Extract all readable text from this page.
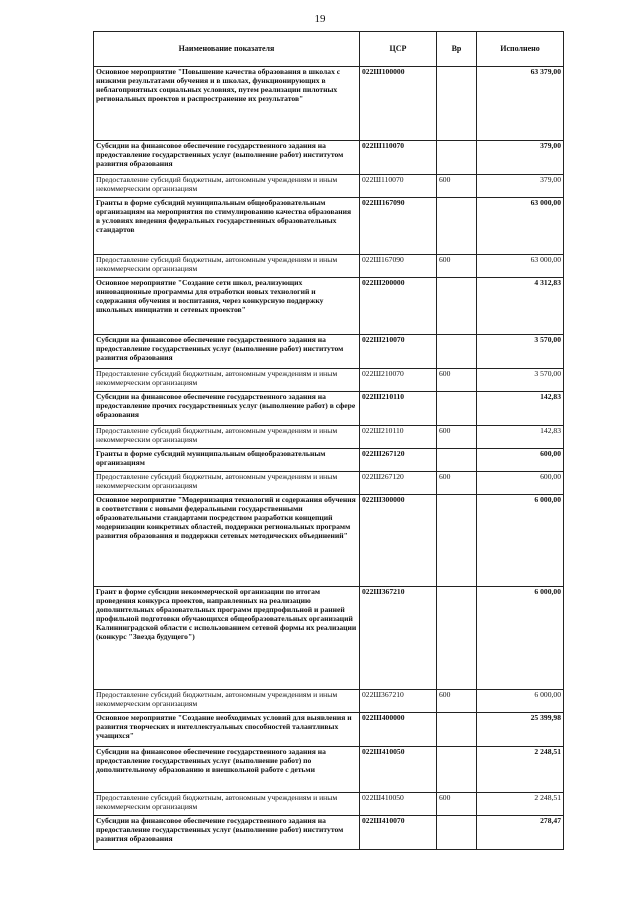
19
Наименование показателя	ЦСР	Вр	Исполнено
Основное мероприятие "Повышение качества образования в школах с низкими результатами обучения и в школах, функционирующих в неблагоприятных социальных условиях, путем реализации пилотных региональных проектов и распространение их результатов"	022Ш100000		63 379,00
Субсидии на финансовое обеспечение государственного задания на предоставление государственных услуг (выполнение работ) институтом развития образования	022Ш110070		379,00
Предоставление субсидий бюджетным, автономным учреждениям и иным некоммерческим организациям	022Ш110070	600	379,00
Гранты в форме субсидий муниципальным общеобразовательным организациям на мероприятия по стимулированию качества образования в условиях введения федеральных государственных образовательных стандартов	022Ш167090		63 000,00
Предоставление субсидий бюджетным, автономным учреждениям и иным некоммерческим организациям	022Ш167090	600	63 000,00
Основное мероприятие "Создание сети школ, реализующих инновационные программы для отработки новых технологий и содержания обучения и воспитания, через конкурсную поддержку школьных инициатив и сетевых проектов"	022Ш200000		4 312,83
Субсидии на финансовое обеспечение государственного задания на предоставление государственных услуг (выполнение работ) институтом развития образования	022Ш210070		3 570,00
Предоставление субсидий бюджетным, автономным учреждениям и иным некоммерческим организациям	022Ш210070	600	3 570,00
Субсидии на финансовое обеспечение государственного задания на предоставление прочих государственных услуг (выполнение работ) в сфере образования	022Ш210110		142,83
Предоставление субсидий бюджетным, автономным учреждениям и иным некоммерческим организациям	022Ш210110	600	142,83
Гранты в форме субсидий муниципальным общеобразовательным организациям	022Ш267120		600,00
Предоставление субсидий бюджетным, автономным учреждениям и иным некоммерческим организациям	022Ш267120	600	600,00
Основное мероприятие "Модернизация технологий и содержания обучения в соответствии с новыми федеральными государственными образовательными стандартами посредством разработки концепций модернизации конкретных областей, поддержки региональных программ развития образования и поддержки сетевых методических объединений"	022Ш300000		6 000,00
Грант в форме субсидии некоммерческой организации по итогам проведения конкурса проектов, направленных на реализацию дополнительных образовательных программ предпрофильной и ранней профильной подготовки обучающихся общеобразовательных организаций Калининградской области с использованием сетевой формы их реализации (конкурс "Звезда будущего")	022Ш367210		6 000,00
Предоставление субсидий бюджетным, автономным учреждениям и иным некоммерческим организациям	022Ш367210	600	6 000,00
Основное мероприятие "Создание необходимых условий для выявления и развития творческих и интеллектуальных способностей талантливых учащихся"	022Ш400000		25 399,98
Субсидии на финансовое обеспечение государственного задания на предоставление государственных услуг (выполнение работ) по дополнительному образованию и внешкольной работе с детьми	022Ш410050		2 248,51
Предоставление субсидий бюджетным, автономным учреждениям и иным некоммерческим организациям	022Ш410050	600	2 248,51
Субсидии на финансовое обеспечение государственного задания на предоставление государственных услуг (выполнение работ) институтом развития образования	022Ш410070		278,47
